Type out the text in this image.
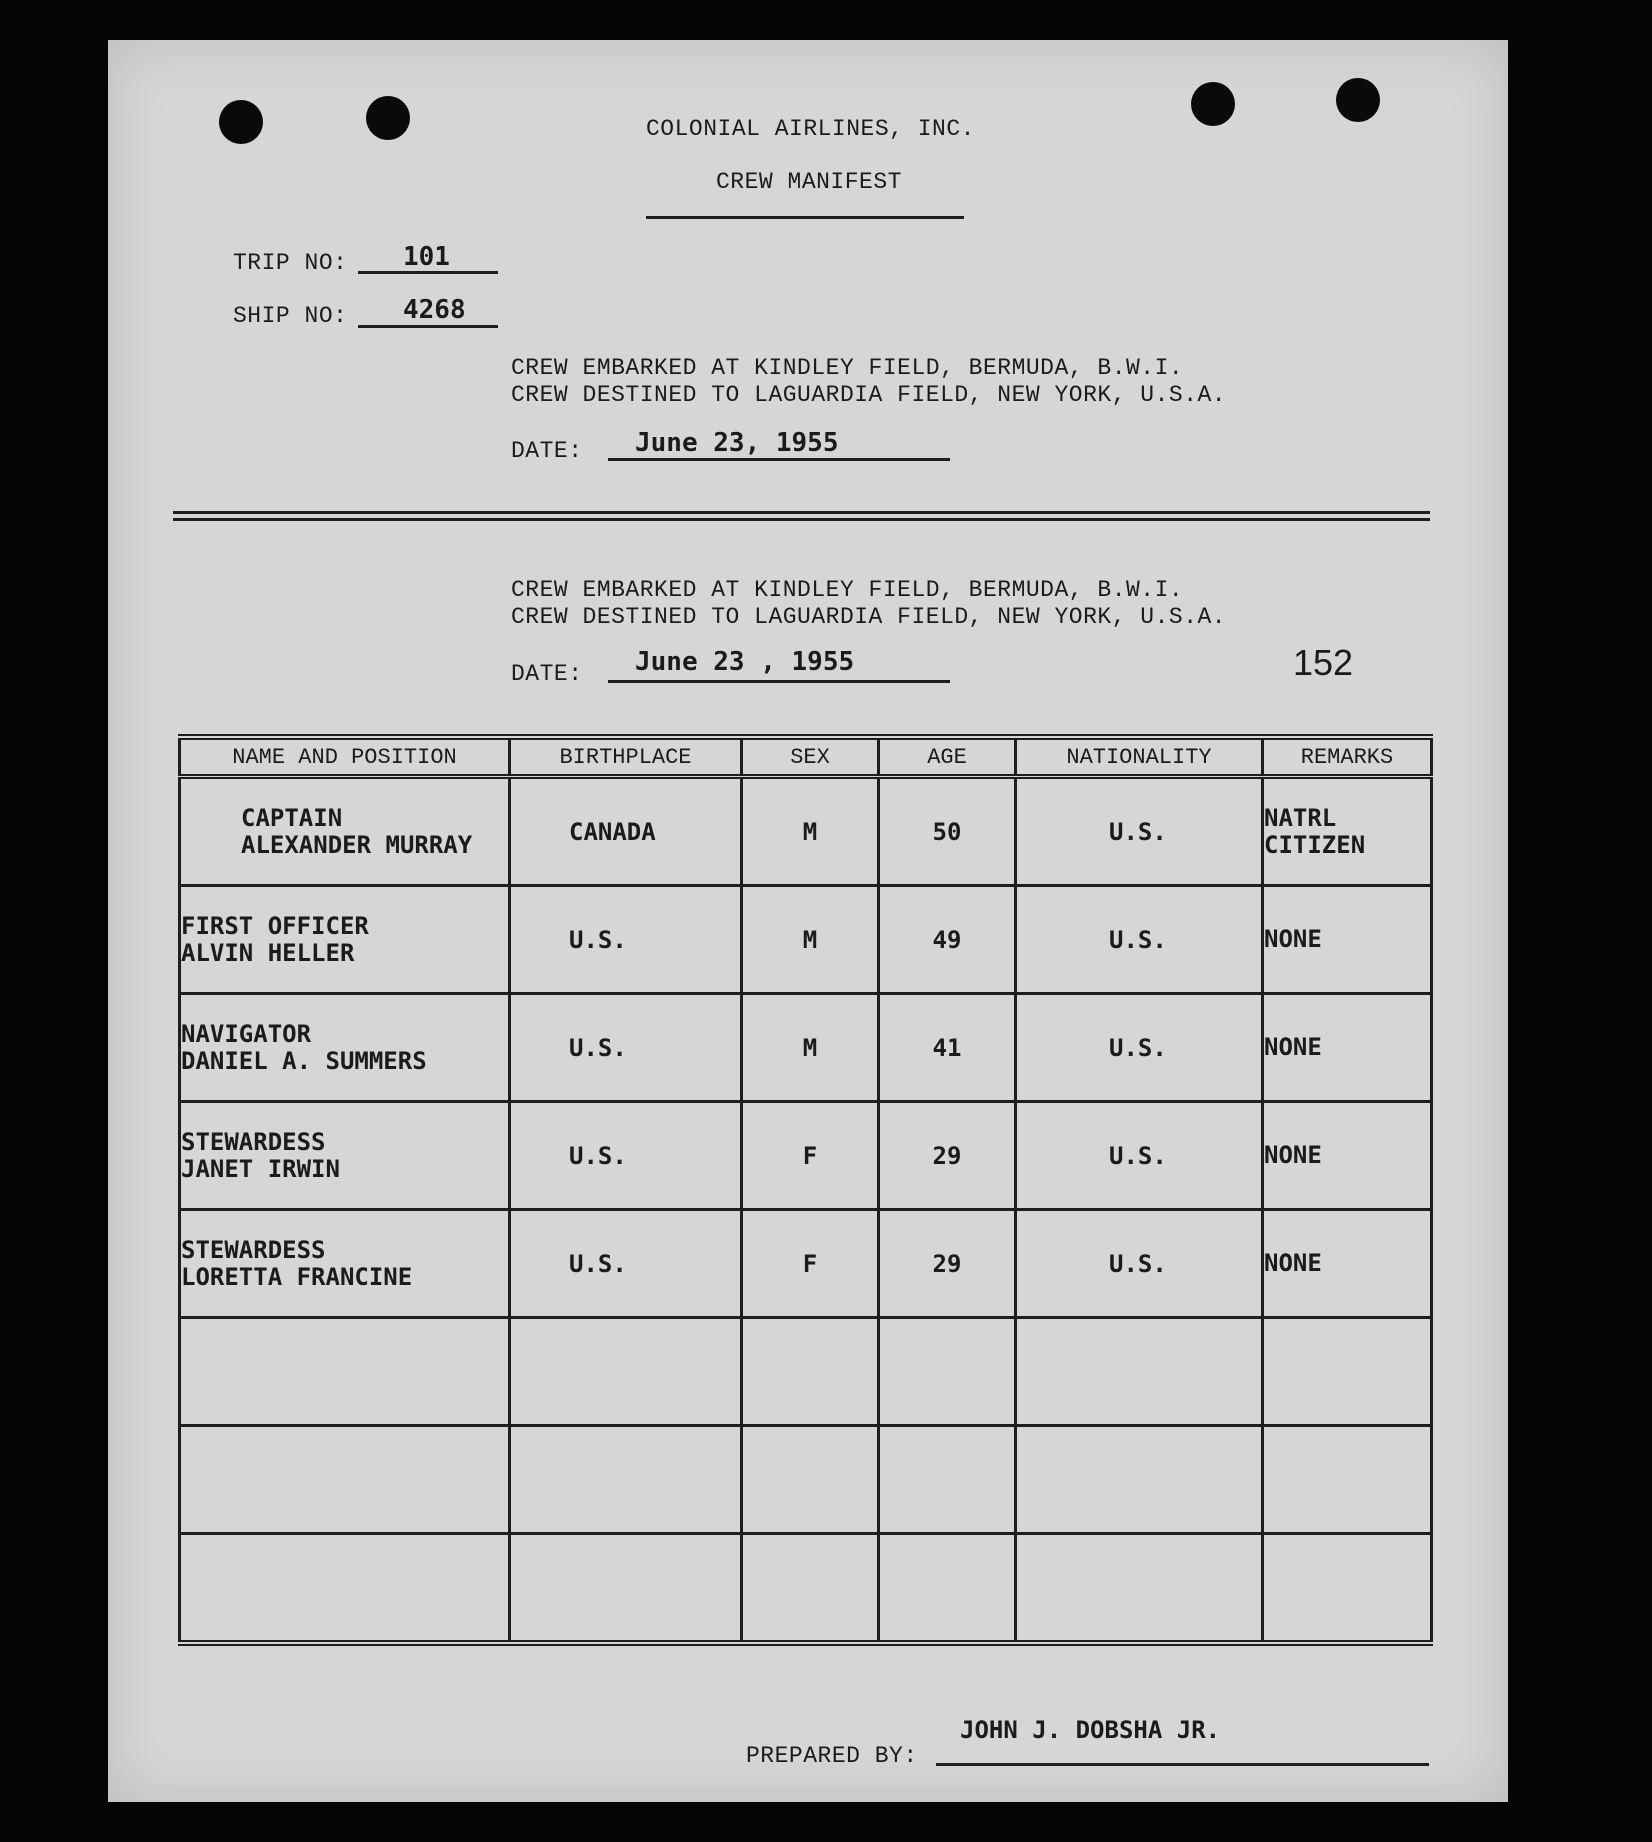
COLONIAL AIRLINES, INC.
CREW MANIFEST
TRIP NO: 101
SHIP NO: 4268
CREW EMBARKED AT KINDLEY FIELD, BERMUDA, B.W.I.
CREW DESTINED TO LAGUARDIA FIELD, NEW YORK, U.S.A.
DATE: June 23, 1955
CREW EMBARKED AT KINDLEY FIELD, BERMUDA, B.W.I.
CREW DESTINED TO LAGUARDIA FIELD, NEW YORK, U.S.A.
DATE: June 23 , 1955	152
NAME AND POSITION	BIRTHPLACE	SEX	AGE	NATIONALITY	REMARKS

CAPTAIN
ALEXANDER MURRAY	CANADA	M	50	U.S.	NATRL CITIZEN

FIRST OFFICER
ALVIN HELLER	U.S.	M	49	U.S.	NONE

NAVIGATOR
DANIEL A. SUMMERS	U.S.	M	41	U.S.	NONE

STEWARDESS
JANET IRWIN	U.S.	F	29	U.S.	NONE

STEWARDESS
LORETTA FRANCINE	U.S.	F	29	U.S.	NONE

PREPARED BY:
JOHN J. DOBSHA JR.
